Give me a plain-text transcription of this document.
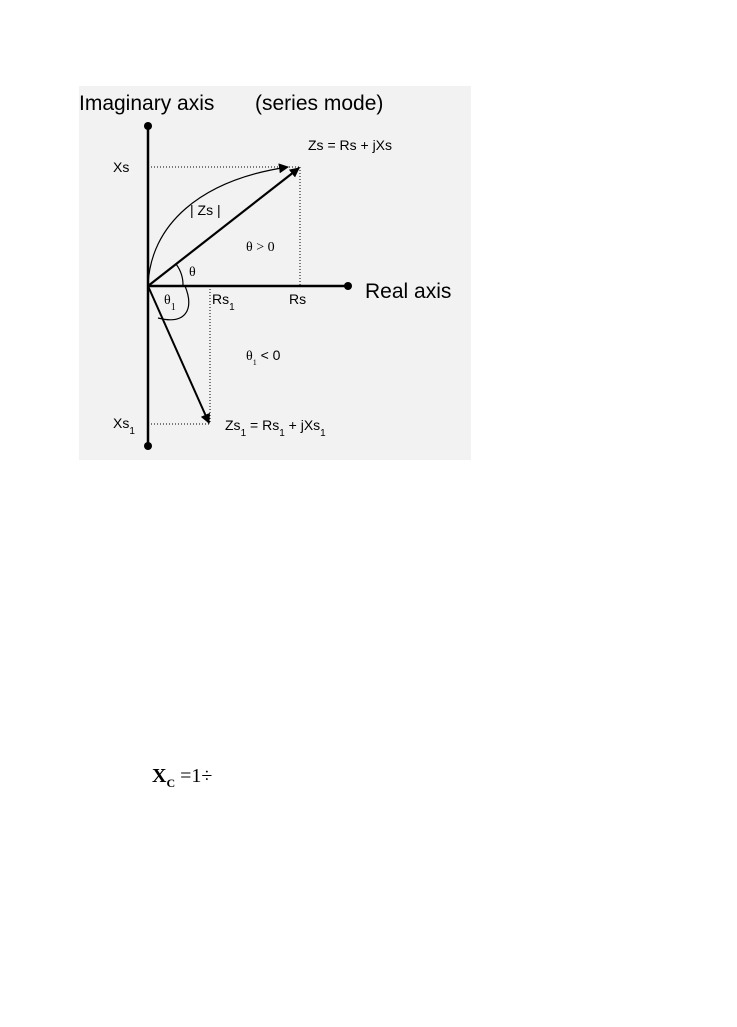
Imaginary axis (series mode)
Real axis
Xs
$Xs_1$
Zs = Rs + jXs
| Zs |
θ > 0
θ
$\theta_1$	$Rs_1$	Rs
$\theta_1 < 0$
$Zs_1 = Rs_1 + jXs_1$
$X_C =1\div$
